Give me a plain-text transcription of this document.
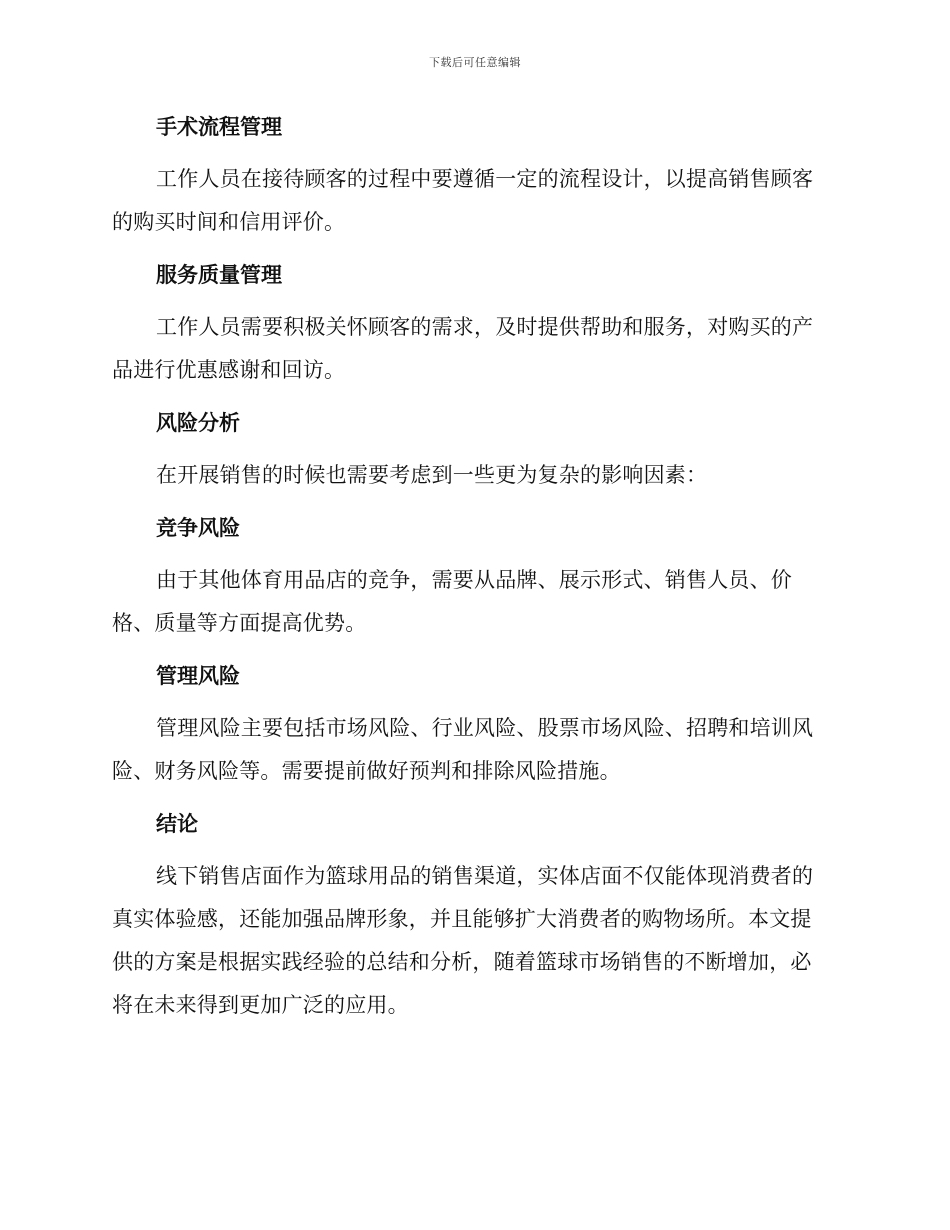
下载后可任意编辑
手术流程管理

工作人员在接待顾客的过程中要遵循一定的流程设计，以提高销售顾客的购买时间和信用评价。

服务质量管理

工作人员需要积极关怀顾客的需求，及时提供帮助和服务，对购买的产品进行优惠感谢和回访。

风险分析

在开展销售的时候也需要考虑到一些更为复杂的影响因素：

竞争风险

由于其他体育用品店的竞争，需要从品牌、展示形式、销售人员、价格、质量等方面提高优势。

管理风险

管理风险主要包括市场风险、行业风险、股票市场风险、招聘和培训风险、财务风险等。需要提前做好预判和排除风险措施。

结论

线下销售店面作为篮球用品的销售渠道，实体店面不仅能体现消费者的真实体验感，还能加强品牌形象，并且能够扩大消费者的购物场所。本文提供的方案是根据实践经验的总结和分析，随着篮球市场销售的不断增加，必将在未来得到更加广泛的应用。
